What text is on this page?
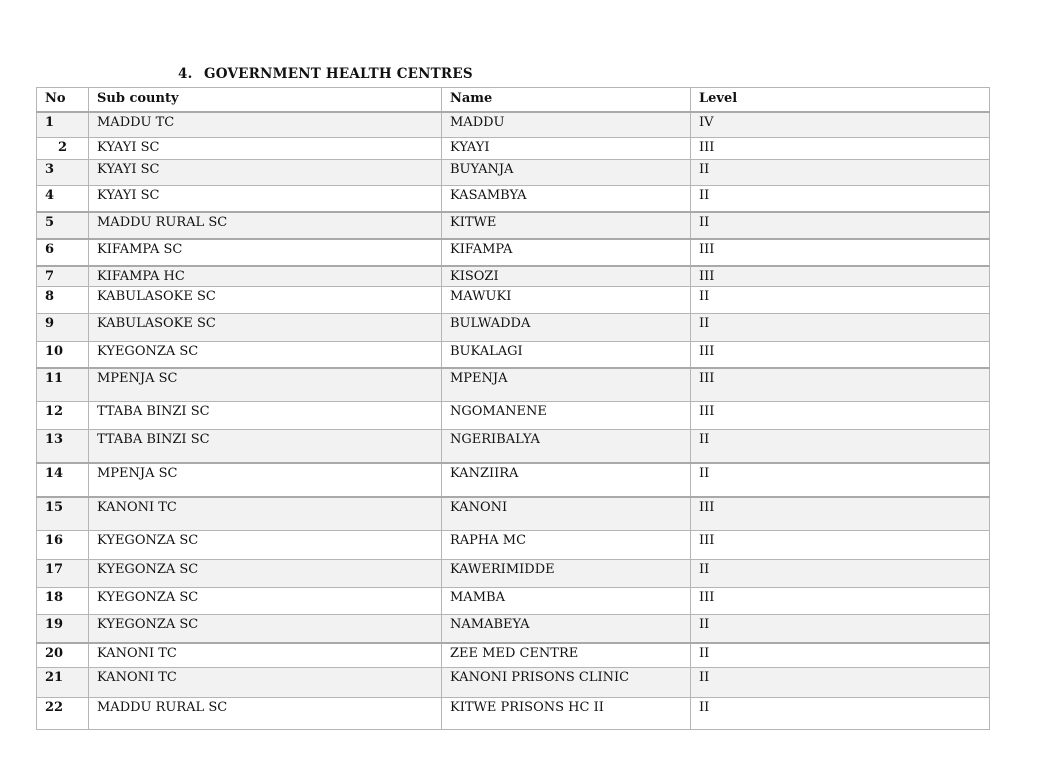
4. GOVERNMENT HEALTH CENTRES
No	Sub county	Name	Level
1	MADDU TC	MADDU	IV
2	KYAYI SC	KYAYI	III
3	KYAYI SC	BUYANJA	II
4	KYAYI SC	KASAMBYA	II
5	MADDU RURAL SC	KITWE	II
6	KIFAMPA SC	KIFAMPA	III
7	KIFAMPA HC	KISOZI	III
8	KABULASOKE SC	MAWUKI	II
9	KABULASOKE SC	BULWADDA	II
10	KYEGONZA SC	BUKALAGI	III
11	MPENJA SC	MPENJA	III
12	TTABA BINZI SC	NGOMANENE	III
13	TTABA BINZI SC	NGERIBALYA	II
14	MPENJA SC	KANZIIRA	II
15	KANONI TC	KANONI	III
16	KYEGONZA SC	RAPHA MC	III
17	KYEGONZA SC	KAWERIMIDDE	II
18	KYEGONZA SC	MAMBA	III
19	KYEGONZA SC	NAMABEYA	II
20	KANONI TC	ZEE MED CENTRE	II
21	KANONI TC	KANONI PRISONS CLINIC	II
22	MADDU RURAL SC	KITWE PRISONS HC II	II
